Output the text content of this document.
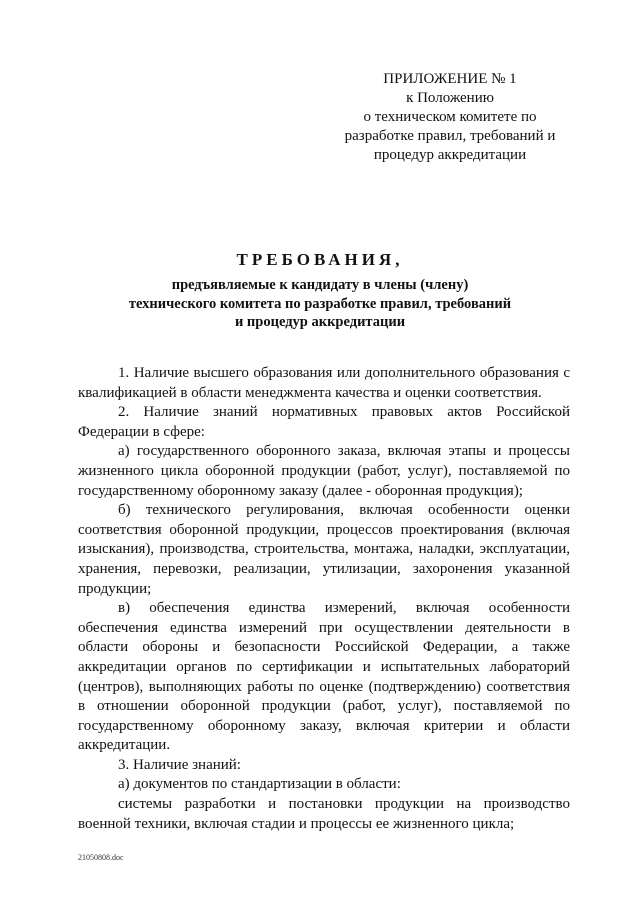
ПРИЛОЖЕНИЕ № 1
к Положению
о техническом комитете по
разработке правил, требований и
процедур аккредитации
ТРЕБОВАНИЯ,
предъявляемые к кандидату в члены (члену)
технического комитета по разработке правил, требований
и процедур аккредитации

1. Наличие высшего образования или дополнительного образования с квалификацией в области менеджмента качества и оценки соответствия.

2. Наличие знаний нормативных правовых актов Российской Федерации в сфере:

а) государственного оборонного заказа, включая этапы и процессы жизненного цикла оборонной продукции (работ, услуг), поставляемой по государственному оборонному заказу (далее - оборонная продукция);

б) технического регулирования, включая особенности оценки соответствия оборонной продукции, процессов проектирования (включая изыскания), производства, строительства, монтажа, наладки, эксплуатации, хранения, перевозки, реализации, утилизации, захоронения указанной продукции;

в) обеспечения единства измерений, включая особенности обеспечения единства измерений при осуществлении деятельности в области обороны и безопасности Российской Федерации, а также аккредитации органов по сертификации и испытательных лабораторий (центров), выполняющих работы по оценке (подтверждению) соответствия в отношении оборонной продукции (работ, услуг), поставляемой по государственному оборонному заказу, включая критерии и области аккредитации.

3. Наличие знаний:

а) документов по стандартизации в области:

системы разработки и постановки продукции на производство военной техники, включая стадии и процессы ее жизненного цикла;

21050808.doc
